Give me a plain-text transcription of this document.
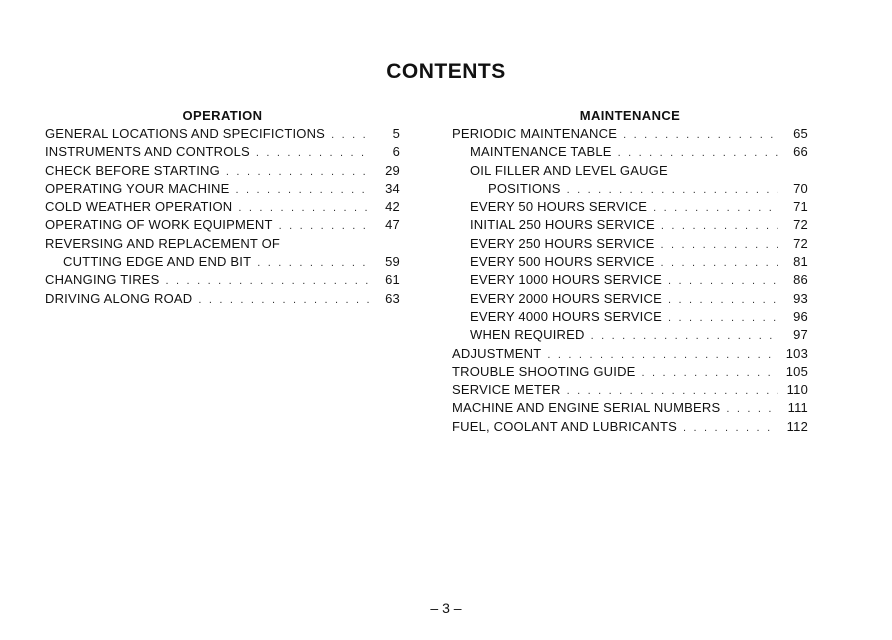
CONTENTS
OPERATION
GENERAL LOCATIONS AND SPECIFICTIONS . . .	5
INSTRUMENTS AND CONTROLS . . .	6
CHECK BEFORE STARTING . . .	29
OPERATING YOUR MACHINE . . .	34
COLD WEATHER OPERATION . . .	42
OPERATING OF WORK EQUIPMENT . . .	47
REVERSING AND REPLACEMENT OF
CUTTING EDGE AND END BIT . . .	59
CHANGING TIRES . . .	61
DRIVING ALONG ROAD . . .	63
MAINTENANCE
PERIODIC MAINTENANCE . . .	65
MAINTENANCE TABLE . . .	66
OIL FILLER AND LEVEL GAUGE
POSITIONS . . .	70
EVERY 50 HOURS SERVICE . . .	71
INITIAL 250 HOURS SERVICE . . .	72
EVERY 250 HOURS SERVICE . . .	72
EVERY 500 HOURS SERVICE . . .	81
EVERY 1000 HOURS SERVICE . . .	86
EVERY 2000 HOURS SERVICE . . .	93
EVERY 4000 HOURS SERVICE . . .	96
WHEN REQUIRED . . .	97
ADJUSTMENT . . .	103
TROUBLE SHOOTING GUIDE . . .	105
SERVICE METER . . .	110
MACHINE AND ENGINE SERIAL NUMBERS . . .	111
FUEL, COOLANT AND LUBRICANTS . . .	112
– 3 –
